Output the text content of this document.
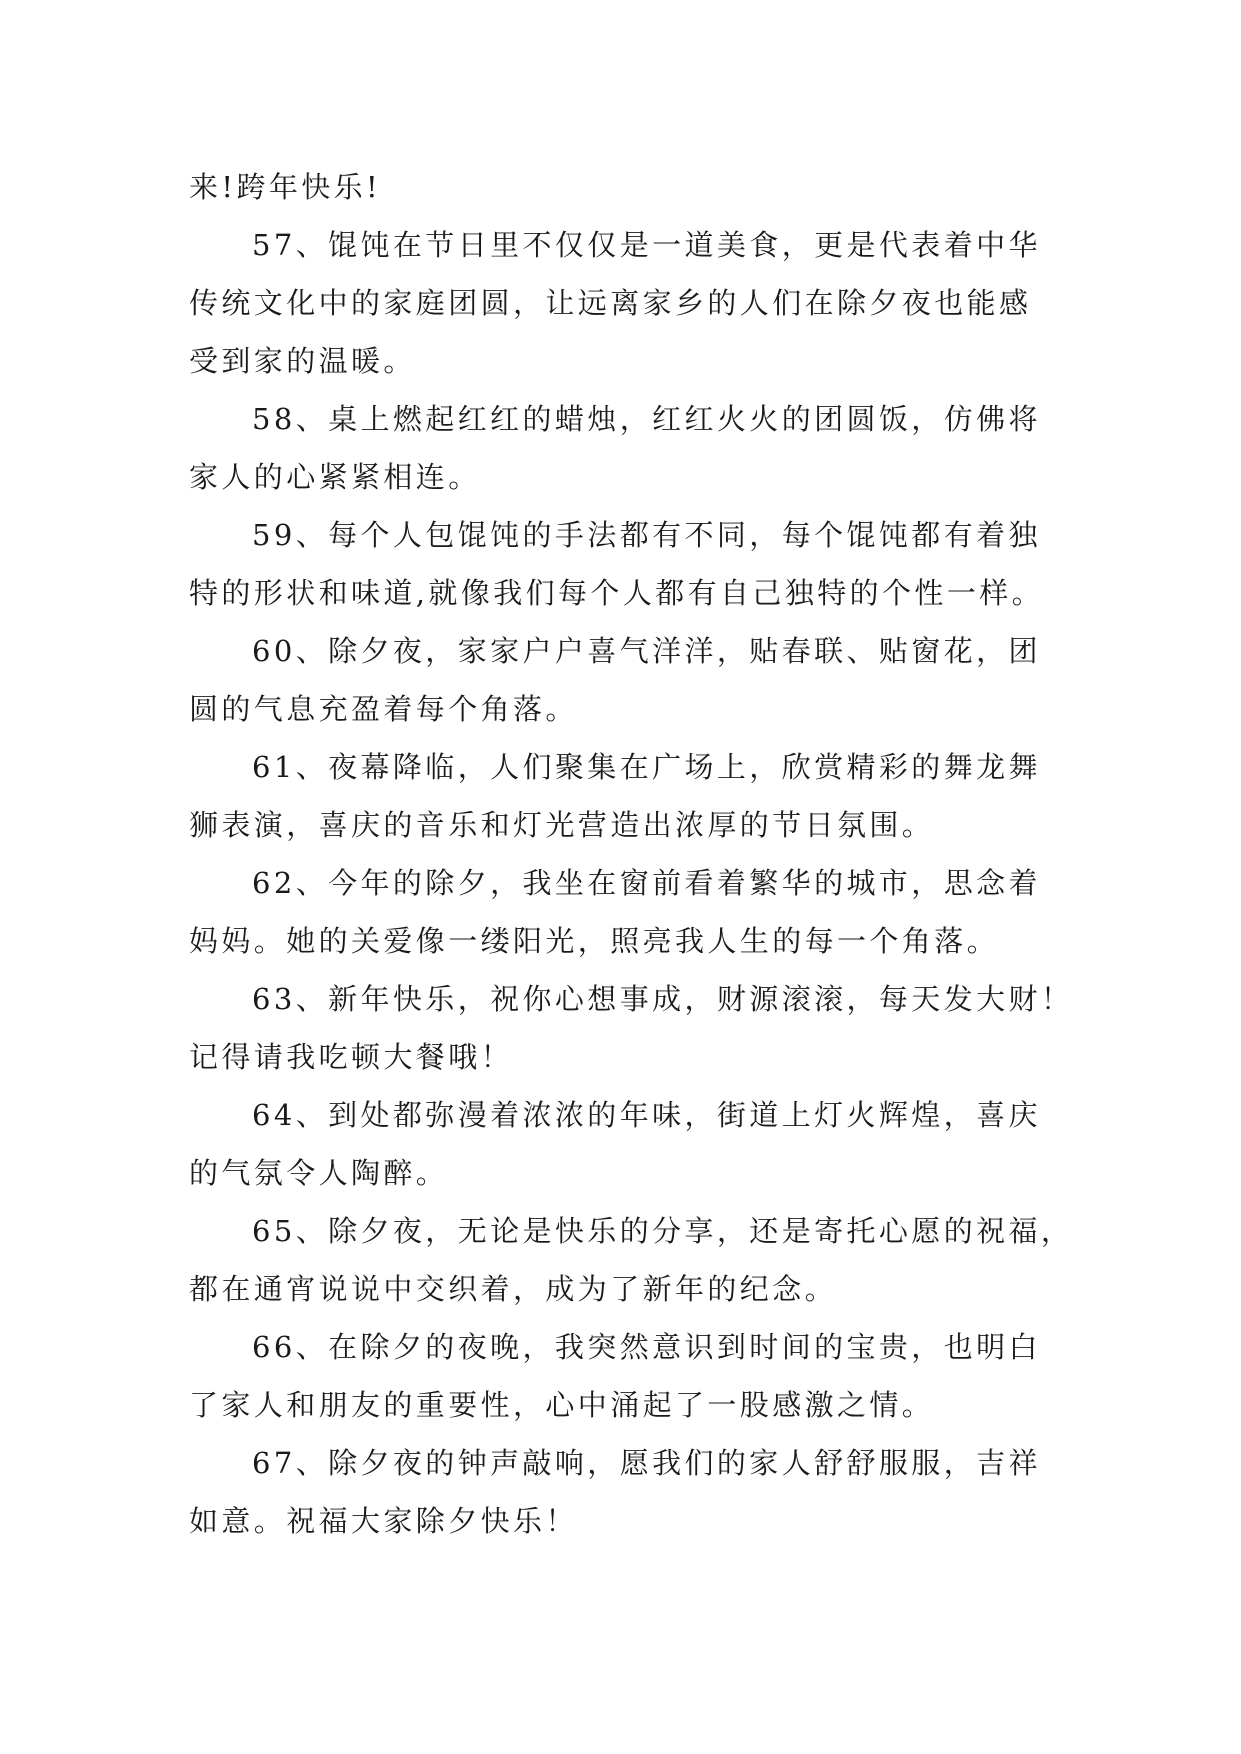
来!跨年快乐!
57、馄饨在节日里不仅仅是一道美食，更是代表着中华
传统文化中的家庭团圆，让远离家乡的人们在除夕夜也能感
受到家的温暖。
58、桌上燃起红红的蜡烛，红红火火的团圆饭，仿佛将
家人的心紧紧相连。
59、每个人包馄饨的手法都有不同，每个馄饨都有着独
特的形状和味道,就像我们每个人都有自己独特的个性一样。
60、除夕夜，家家户户喜气洋洋，贴春联、贴窗花，团
圆的气息充盈着每个角落。
61、夜幕降临，人们聚集在广场上，欣赏精彩的舞龙舞
狮表演，喜庆的音乐和灯光营造出浓厚的节日氛围。
62、今年的除夕，我坐在窗前看着繁华的城市，思念着
妈妈。她的关爱像一缕阳光，照亮我人生的每一个角落。
63、新年快乐，祝你心想事成，财源滚滚，每天发大财！
记得请我吃顿大餐哦！
64、到处都弥漫着浓浓的年味，街道上灯火辉煌，喜庆
的气氛令人陶醉。
65、除夕夜，无论是快乐的分享，还是寄托心愿的祝福，
都在通宵说说中交织着，成为了新年的纪念。
66、在除夕的夜晚，我突然意识到时间的宝贵，也明白
了家人和朋友的重要性，心中涌起了一股感激之情。
67、除夕夜的钟声敲响，愿我们的家人舒舒服服，吉祥
如意。祝福大家除夕快乐！
